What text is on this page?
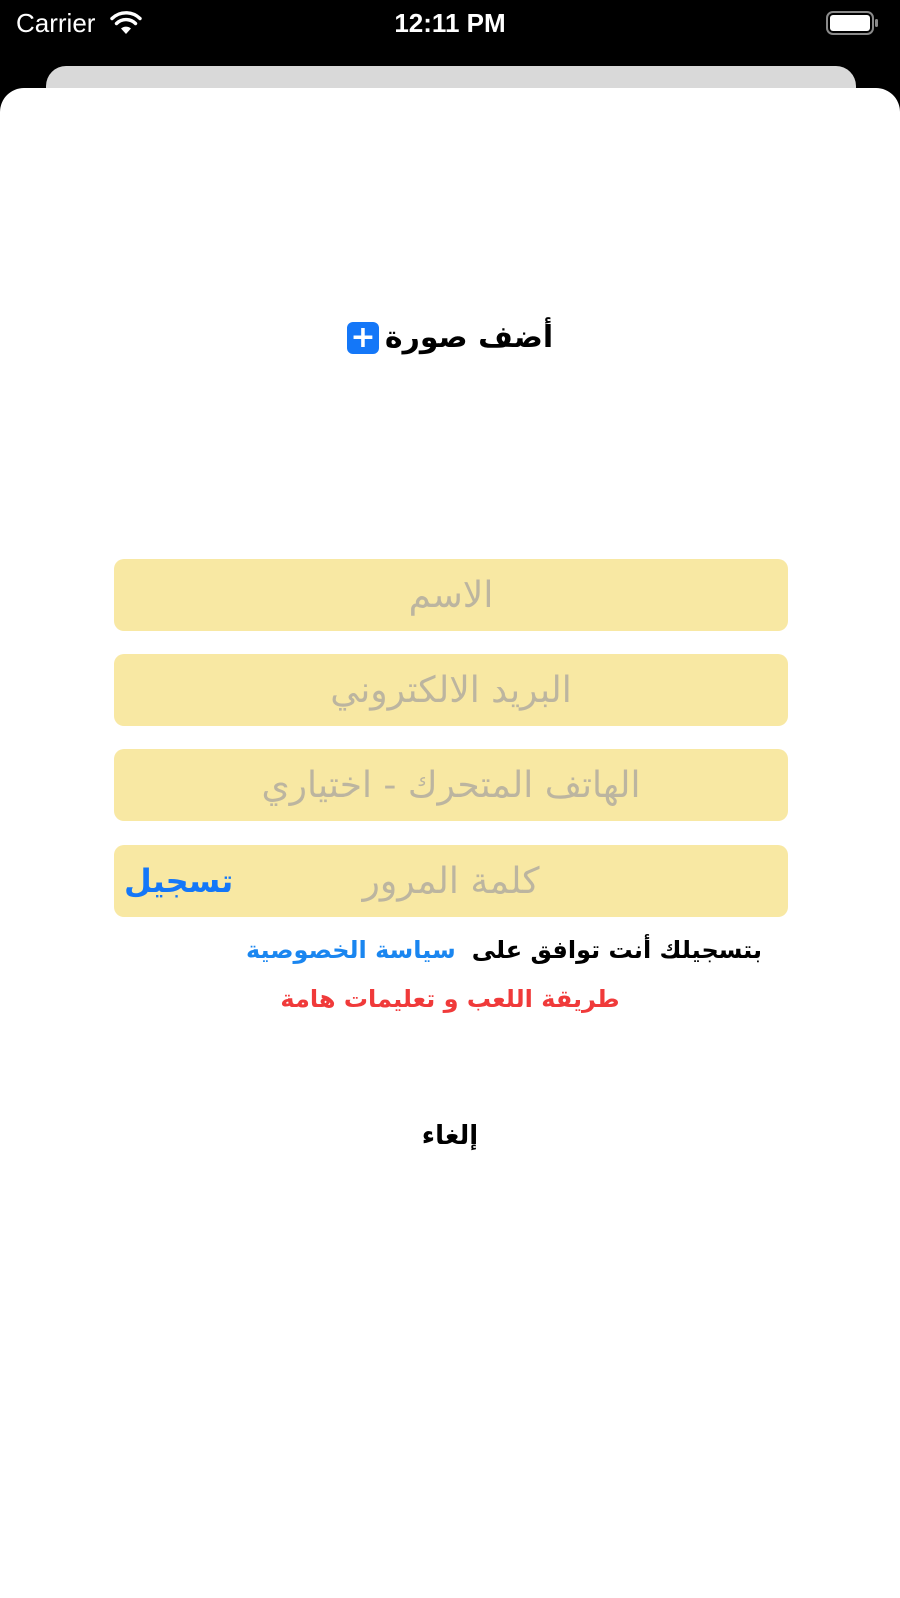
Carrier	12:11 PM
أضف صورة
+
الاسم
البريد الالكتروني
الهاتف المتحرك - اختياري
تسجيل
بتسجيلك أنت توافق على
سياسة الخصوصية
طريقة اللعب و تعليمات هامة
إلغاء
